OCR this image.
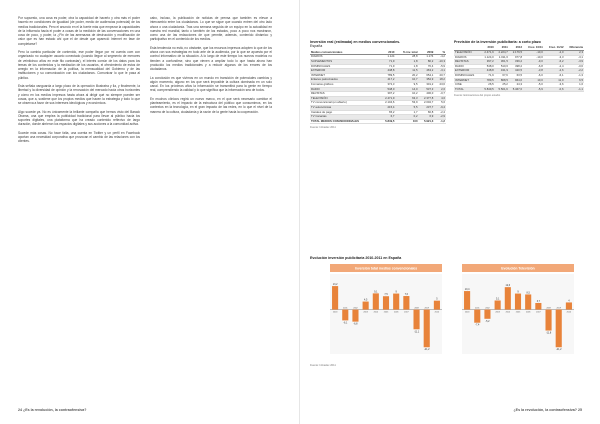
Por supuesto, una cosa es poder, otra la capacidad de hacerlo y otra más el poder hacerlo en condiciones de igualdad (de poder, medio de audiencias potencial) de los medios tradicionales. Pero el anuncio en el la fuerte más que empezar la capacidades de la influencia hacia el poder a cosas de la medición de las conversaciones en una cosa de poco, y poder, la ¿Fin de las amenazas de destrucción y modificación de valor que es han estado ahí que el de desde que apareció Internet en fase de completarse?

Pero la cambia particular de contenido, ese poder llegar por mí cuenta com con organizado no cualquier usuario conectado (cuando llegue al segmento de menores de veinticinco años en este filo contrastar), el interés común de los datos para los temas de los contenidos y la mediación de los usuarios, el ofrecimiento de estos de arreglo en la información de la política, la mensualidad del Gobierno y de las instituciones y su comunicación con los ciudadanos. Comunicar lo que le pasa al público.

Esta señala vanguarda a largo plazo de la operación Illustratra y lla, y finalmente, la libertad y la diversidad de opinión y la renovación del mercado hacia otros horizontes y cómo en los medios impresos hasta ahora al dirigir qué no siempre pueden ser cosas, que a, sostiene que los propios medios que hacen la estrategia y todo lo que se observa a favor de sus intereses ideológicos y económicos.

Algo sucede ya. No es únicamente la brillante campaña que hemos visto del Barack Obama, una que emplea la publicidad tradicional para llevar al público hacia los soportes digitales, una plataforma que ha creado contenido reflexivo de largo duración, donde abrieron los espacios digitales y sus acciones a la comunidad activa.

Sucede más cosas. No hace falta, una cuenta en Twitter y un perfil en Facebook aportan una necesidad corporativa que provocan el cambio de las relaciones con los clientes.

cabo, incluso, la publicación de noticias de prensa que también es elevar a intercambio entre los ciudadanos. Lo que se sigue que cuando entren del otro lado ahora o una ciudadanía. Tras una semana seguida de un equipo en la actualidad en nuestra red mundial, tanto o también de los estados, poco a poco nos mostraron, como una de las redacciones de que permite, además, contenido dinámico y participativo en el contenido de los medios.

Esta tendencia no está, no obstante, que los recursos impresos adopten lo que de los ahora con sus estrategias en todo arte de la audiencia, por lo que se apuesta por el control informativo de la situación. A lo largo de este tiempo los nuevos modelos no tienden a confundirse, sino que vienen a ampliar todo lo que hasta ahora han producido los medios tradicionales y a reducir algunos de los errores de los ciudadanos.

La conclusión es que vivimos en un mundo en transición de potenciales cambios y algún momento, alguno en los que será imposible la cultura dominada en un solo canal. En los próximos años la información se transmitirá para la gente en tiempo real, comprendiendo la calidad y lo que significa que la información sea de todos.

En muchos clínicos regirá un nuevo marco, en el que será necesario cambiar el planteamiento, es el impacto de la estructura del público que consumimos, en los contextos en la tecnología, en el gran impacto de las redes, en lo que el nivel de la manera de la cultura, ciudadanía y la razón de la gente hacia la cooperación.

24 ¿Es la revolución, la contraofensiva?
Inversión real (estimada) en medios convencionales.
España
Medios convencionales	2010	% inv. total	2009	%
DIARIOS	1.124	28,8	1.174	-4,2
SUPLEMENTOS	71,9	1,8	80,2	-10,3
DOMINICALES	71,9	1,8	76,4	-5,9
EXTERIOR	448,8	11,5	463,2	-3,1
INTERNET	789,5	20,2	654,1	20,7
Enlaces patrocinados	417,2	10,7	352,9	18,2
Formatos gráficos	372,3	9,5	301,2	23,6
RADIO	548,0	14,0	537,3	2,0
REVISTAS	397,2	10,2	400,0	-0,7
TELEVISIÓN	2.471,9	63,3	2.377,8	4,0
TV convencional (en abierto)	2.104,6	53,9	2.004,7	5,0
TV autonómicas	215,4	5,5	237,7	-9,4
Canales de pago	65,2	1,7	66,8	-2,4
TV Canarias	6,7	0,2	6,9	-2,9
TOTAL MEDIOS CONVENCIONALES	5.849,5	100	5.921,3	-1,2
Fuente: Infoadex 2011
Previsión de la inversión publicitaria: a corto plazo
	2010	2011	2012	Crec. 10/11	Crec. 11/12	Diferencia
TELEVISIÓN	2.471,9	2.224,7	2.179,5	-10,0	-2,0	2,3
DIARIOS	1.124,0	1.011,6	977,8	-10,0	-3,3	-3,1
REVISTAS	397,2	361,5	339,2	-9,0	-6,2	-3,9
RADIO	548,0	510,6	498,2	-6,8	-2,4	-0,6
EXTERIOR	448,8	431,9	420,5	-3,8	-2,6	-2,2
DOMINICALES	71,9	67,6	63,5	-6,0	-6,1	-1,3
INTERNET	789,5	868,5	964,0	10,0	11,0	6,5
CINE	26,5	25,2	24,3	-5,0	-3,6	1,0
TOTAL	5.849,5	5.501,6	5.467,0	-5,9	-0,6	-1,1
Fuente: Estimaciones del propio estudio
Evolución inversión publicitaria 2010-2011 en España
Inversión total medios convencionales
13,2
2000
-6,1
2001
-6,8
2002
4,5
2003
9,1
2004
7,5
2005
9
2006
7,6
2007
-11,1
2008
-21,2
2009
5
2010
Evolución Televisión
10,4
2000
-7,4
2001
-5,2
2002
5,1
2003
12,6
2004
9
2005
8,5
2006
3,7
2007
-11,8
2008
-21,2
2009
4
2010
Fuente: Infoadex 2011
¿Es la revolución, la contraofensiva? 25
